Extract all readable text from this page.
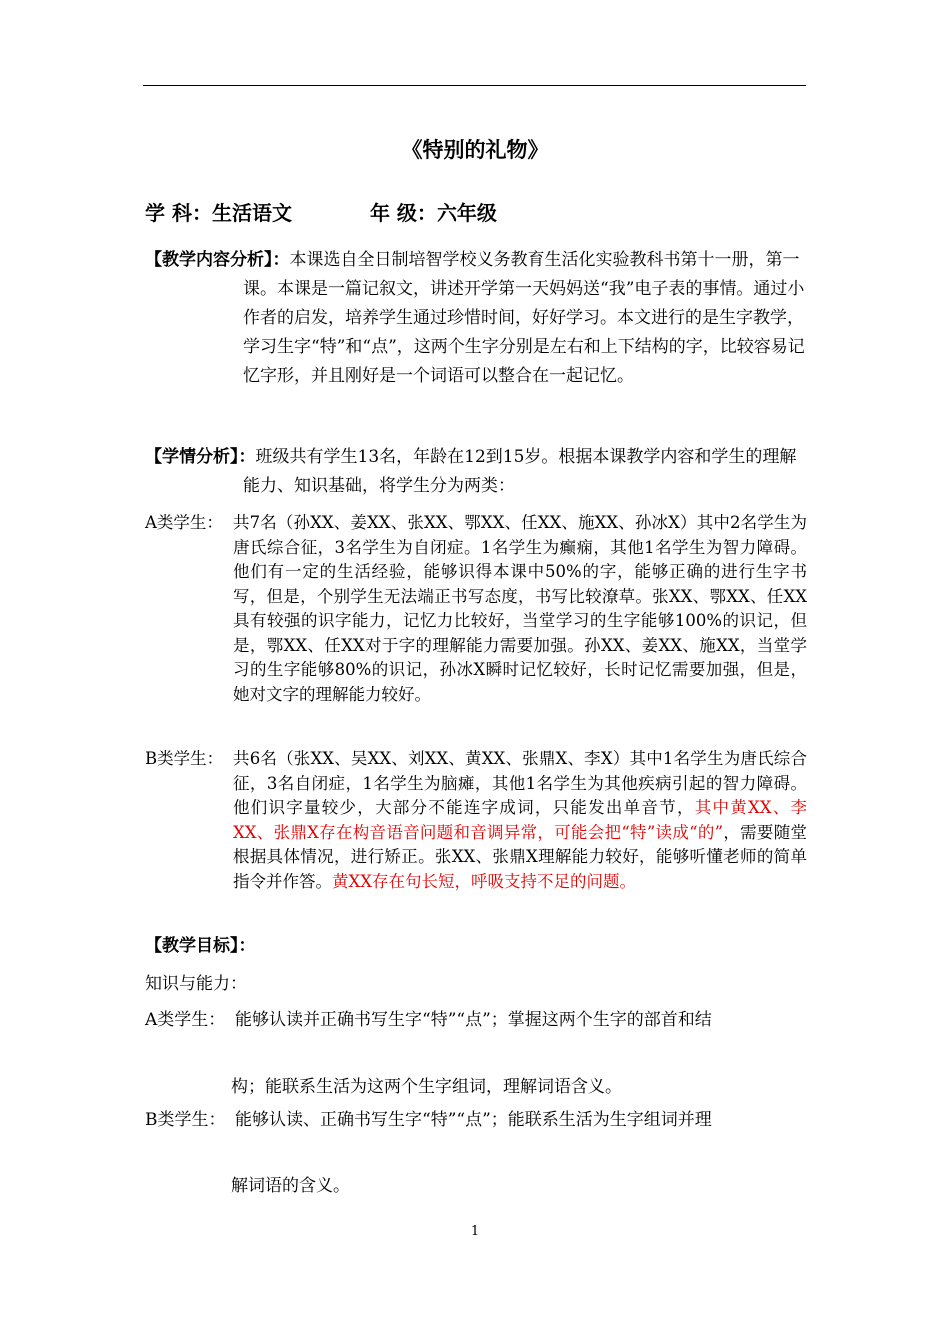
《特别的礼物》
学 科：生活语文	年 级：六年级
【教学内容分析】： 本课选自全日制培智学校义务教育生活化实验教科书第十一册，第一课。本课是一篇记叙文，讲述开学第一天妈妈送“我”电子表的事情。通过小作者的启发，培养学生通过珍惜时间，好好学习。本文进行的是生字教学，学习生字“特”和“点”，这两个生字分别是左右和上下结构的字，比较容易记忆字形，并且刚好是一个词语可以整合在一起记忆。
【学情分析】： 班级共有学生13名，年龄在12到15岁。根据本课教学内容和学生的理解能力、知识基础，将学生分为两类：
A类学生： 共7名（孙XX、姜XX、张XX、鄂XX、任XX、施XX、孙冰X）其中2名学生为唐氏综合征，3名学生为自闭症。1名学生为癫痫，其他1名学生为智力障碍。他们有一定的生活经验，能够识得本课中50%的字，能够正确的进行生字书写，但是，个别学生无法端正书写态度，书写比较潦草。张XX、鄂XX、任XX具有较强的识字能力，记忆力比较好，当堂学习的生字能够100%的识记，但是，鄂XX、任XX对于字的理解能力需要加强。孙XX、姜XX、施XX，当堂学习的生字能够80%的识记，孙冰X瞬时记忆较好，长时记忆需要加强，但是，她对文字的理解能力较好。
B类学生： 共6名（张XX、吴XX、刘XX、黄XX、张鼎X、李X）其中1名学生为唐氏综合征，3名自闭症，1名学生为脑瘫，其他1名学生为其他疾病引起的智力障碍。他们识字量较少，大部分不能连字成词，只能发出单音节，其中黄XX、李XX、张鼎X存在构音语音问题和音调异常，可能会把“特”读成“的”，需要随堂根据具体情况，进行矫正。张XX、张鼎X理解能力较好，能够听懂老师的简单指令并作答。黄XX存在句长短，呼吸支持不足的问题。
【教学目标】：
知识与能力：
A类学生： 能够认读并正确书写生字“特”“点”；掌握这两个生字的部首和结
构；能联系生活为这两个生字组词，理解词语含义。
B类学生： 能够认读、正确书写生字“特”“点”；能联系生活为生字组词并理
解词语的含义。
1
